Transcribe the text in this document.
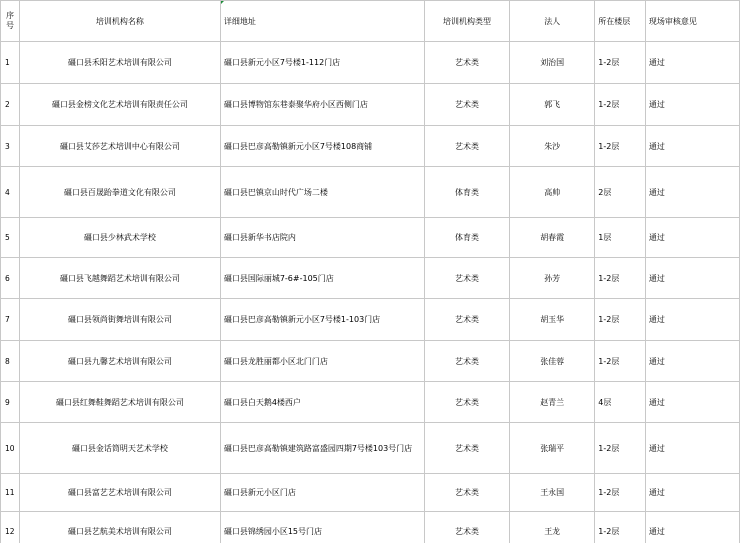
序
号	培训机构名称	详细地址	培训机构类型	法人	所在楼层	现场审核意见
1	礓口县禾阳艺术培训有限公司	礓口县新元小区7号楼1-112门店	艺术类	刘治国	1-2层	通过
2	礓口县金榜文化艺术培训有限责任公司	礓口县博物馆东巷泰聚华府小区西侧门店	艺术类	郭飞	1-2层	通过
3	礓口县艾莎艺术培训中心有限公司	礓口县巴彦高勒镇新元小区7号楼108商铺	艺术类	朱沙	1-2层	通过
4	礓口县百晟跆拳道文化有限公司	礓口县巴镇京山时代广场二楼	体育类	高帅	2层	通过
5	礓口县少林武术学校	礓口县新华书店院内	体育类	胡春霞	1层	通过
6	礓口县飞越舞蹈艺术培训有限公司	礓口县国际丽城7-6#-105门店	艺术类	孙芳	1-2层	通过
7	礓口县领尚街舞培训有限公司	礓口县巴彦高勒镇新元小区7号楼1-103门店	艺术类	胡玉华	1-2层	通过
8	礓口县九馨艺术培训有限公司	礓口县龙胜丽都小区北门门店	艺术类	张佳蓉	1-2层	通过
9	礓口县红舞鞋舞蹈艺术培训有限公司	礓口县白天鹅4楼西户	艺术类	赵青兰	4层	通过
10	礓口县金话筒明天艺术学校	礓口县巴彦高勒镇建筑路富盛园四期7号楼103号门店	艺术类	张瑞平	1-2层	通过
11	礓口县富艺艺术培训有限公司	礓口县新元小区门店	艺术类	王永国	1-2层	通过
12	礓口县艺航美术培训有限公司	礓口县锦绣园小区15号门店	艺术类	王龙	1-2层	通过
